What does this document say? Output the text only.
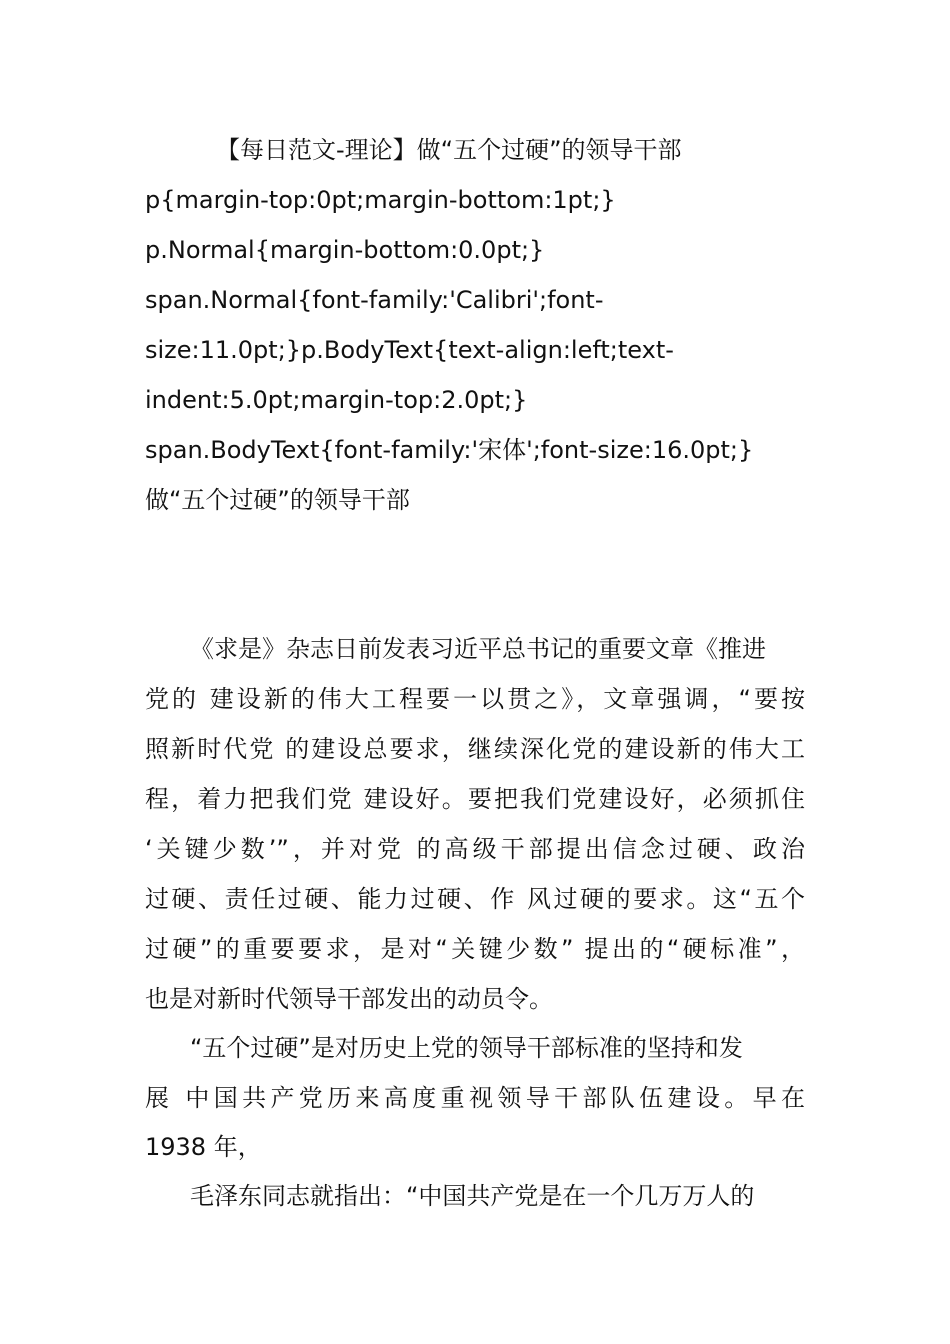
【每日范文-理论】做“五个过硬”的领导干部
p{margin-top:0pt;margin-bottom:1pt;}
p.Normal{margin-bottom:0.0pt;}
span.Normal{font-family:'Calibri';font-
size:11.0pt;}p.BodyText{text-align:left;text-
indent:5.0pt;margin-top:2.0pt;}
span.BodyText{font-family:'宋体';font-size:16.0pt;}
做“五个过硬”的领导干部
《求是》杂志日前发表习近平总书记的重要文章《推进
党的 建设新的伟大工程要一以贯之》，文章强调，“要按
照新时代党 的建设总要求，继续深化党的建设新的伟大工
程，着力把我们党 建设好。要把我们党建设好，必须抓住
‘关键少数’”，并对党 的高级干部提出信念过硬、政治
过硬、责任过硬、能力过硬、作 风过硬的要求。这“五个
过硬”的重要要求，是对“关键少数” 提出的“硬标准”，
也是对新时代领导干部发出的动员令。
“五个过硬”是对历史上党的领导干部标准的坚持和发
展 中国共产党历来高度重视领导干部队伍建设。早在
1938 年，
毛泽东同志就指出：“中国共产党是在一个几万万人的
